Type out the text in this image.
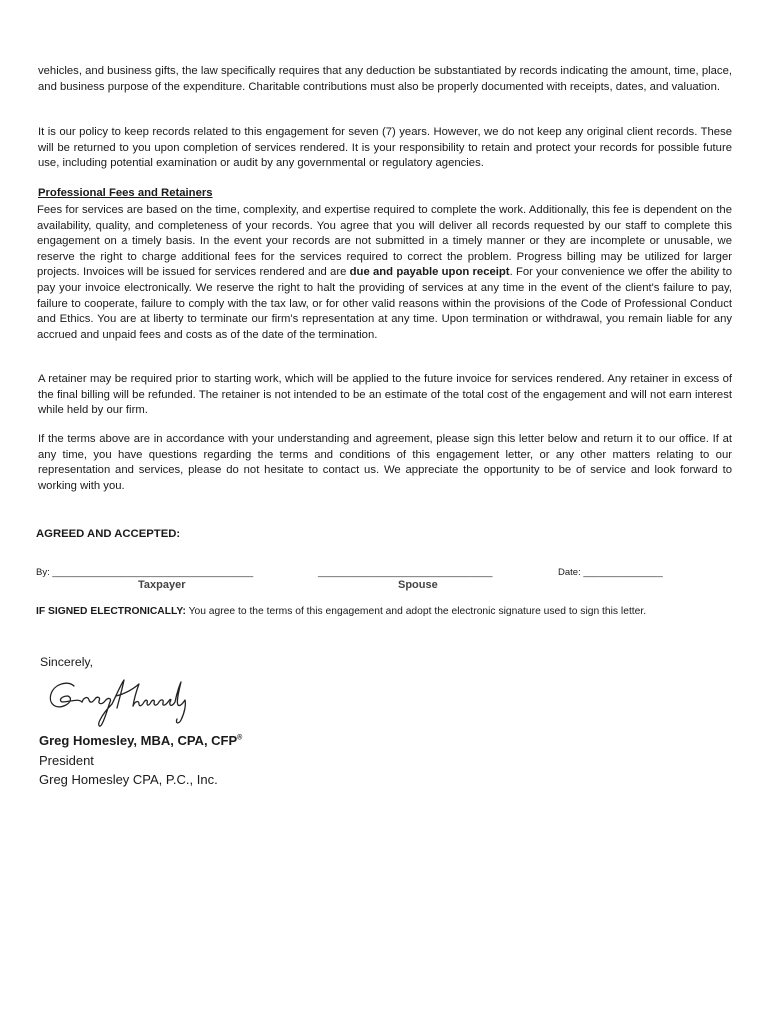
vehicles, and business gifts, the law specifically requires that any deduction be substantiated by records indicating the amount, time, place, and business purpose of the expenditure. Charitable contributions must also be properly documented with receipts, dates, and valuation.

It is our policy to keep records related to this engagement for seven (7) years. However, we do not keep any original client records. These will be returned to you upon completion of services rendered. It is your responsibility to retain and protect your records for possible future use, including potential examination or audit by any governmental or regulatory agencies.

Professional Fees and Retainers

Fees for services are based on the time, complexity, and expertise required to complete the work. Additionally, this fee is dependent on the availability, quality, and completeness of your records. You agree that you will deliver all records requested by our staff to complete this engagement on a timely basis. In the event your records are not submitted in a timely manner or they are incomplete or unusable, we reserve the right to charge additional fees for the services required to correct the problem. Progress billing may be utilized for larger projects. Invoices will be issued for services rendered and are due and payable upon receipt. For your convenience we offer the ability to pay your invoice electronically. We reserve the right to halt the providing of services at any time in the event of the client's failure to pay, failure to cooperate, failure to comply with the tax law, or for other valid reasons within the provisions of the Code of Professional Conduct and Ethics. You are at liberty to terminate our firm's representation at any time. Upon termination or withdrawal, you remain liable for any accrued and unpaid fees and costs as of the date of the termination.

A retainer may be required prior to starting work, which will be applied to the future invoice for services rendered. Any retainer in excess of the final billing will be refunded. The retainer is not intended to be an estimate of the total cost of the engagement and will not earn interest while held by our firm.

If the terms above are in accordance with your understanding and agreement, please sign this letter below and return it to our office. If at any time, you have questions regarding the terms and conditions of this engagement letter, or any other matters relating to our representation and services, please do not hesitate to contact us. We appreciate the opportunity to be of service and look forward to working with you.

AGREED AND ACCEPTED:
By: ______________________________________	_________________________________	Date: _______________
Taxpayer	Spouse
IF SIGNED ELECTRONICALLY: You agree to the terms of this engagement and adopt the electronic signature used to sign this letter.
Sincerely,
Greg Homesley, MBA, CPA, CFP®
President
Greg Homesley CPA, P.C., Inc.
